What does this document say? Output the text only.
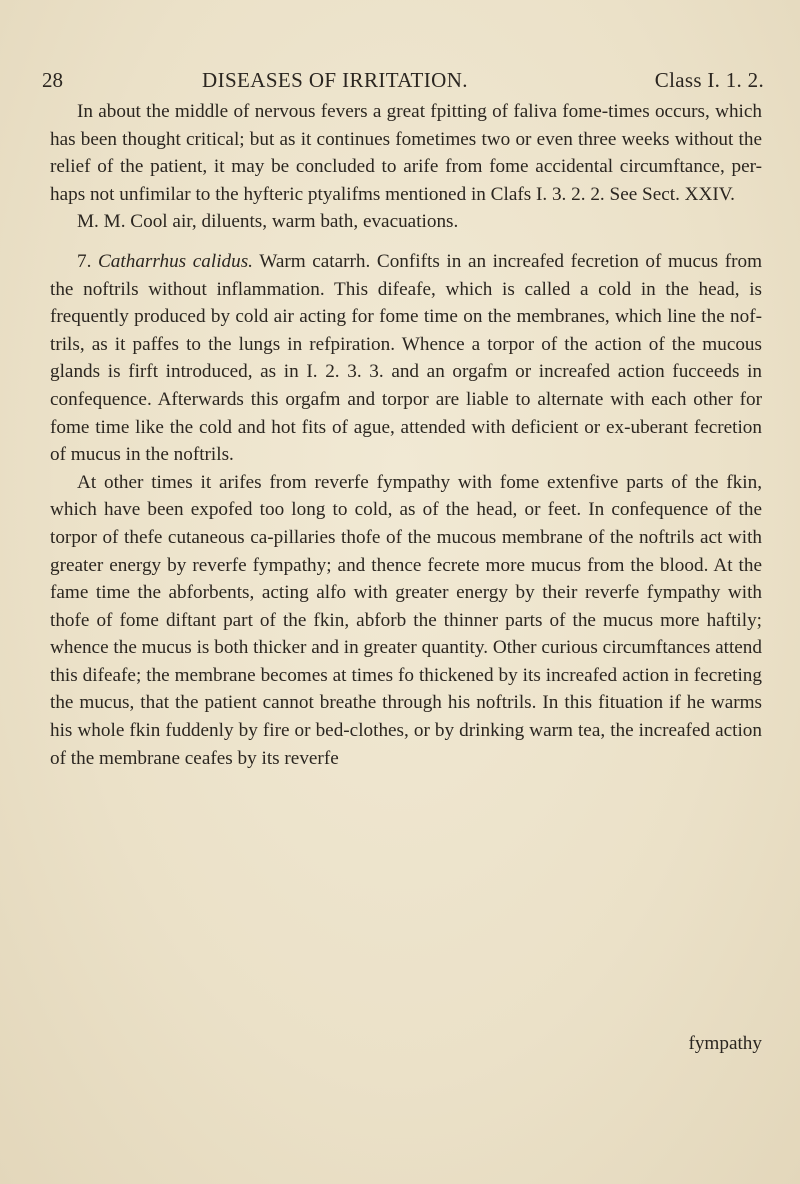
28	DISEASES OF IRRITATION.	Class I. 1. 2.

In about the middle of nervous fevers a great fpitting of faliva fome-times occurs, which has been thought critical; but as it continues fometimes two or even three weeks without the relief of the patient, it may be concluded to arife from fome accidental circumftance, per-haps not unfimilar to the hyfteric ptyalifms mentioned in Clafs I. 3. 2. 2. See Sect. XXIV.

M. M. Cool air, diluents, warm bath, evacuations.

7. Catharrhus calidus. Warm catarrh. Confifts in an increafed fecretion of mucus from the noftrils without inflammation. This difeafe, which is called a cold in the head, is frequently produced by cold air acting for fome time on the membranes, which line the nof-trils, as it paffes to the lungs in refpiration. Whence a torpor of the action of the mucous glands is firft introduced, as in I. 2. 3. 3. and an orgafm or increafed action fucceeds in confequence. Afterwards this orgafm and torpor are liable to alternate with each other for fome time like the cold and hot fits of ague, attended with deficient or ex-uberant fecretion of mucus in the noftrils.

At other times it arifes from reverfe fympathy with fome extenfive parts of the fkin, which have been expofed too long to cold, as of the head, or feet. In confequence of the torpor of thefe cutaneous ca-pillaries thofe of the mucous membrane of the noftrils act with greater energy by reverfe fympathy; and thence fecrete more mucus from the blood. At the fame time the abforbents, acting alfo with greater energy by their reverfe fympathy with thofe of fome diftant part of the fkin, abforb the thinner parts of the mucus more haftily; whence the mucus is both thicker and in greater quantity. Other curious circumftances attend this difeafe; the membrane becomes at times fo thickened by its increafed action in fecreting the mucus, that the patient cannot breathe through his noftrils. In this fituation if he warms his whole fkin fuddenly by fire or bed-clothes, or by drinking warm tea, the increafed action of the membrane ceafes by its reverfe

fympathy
